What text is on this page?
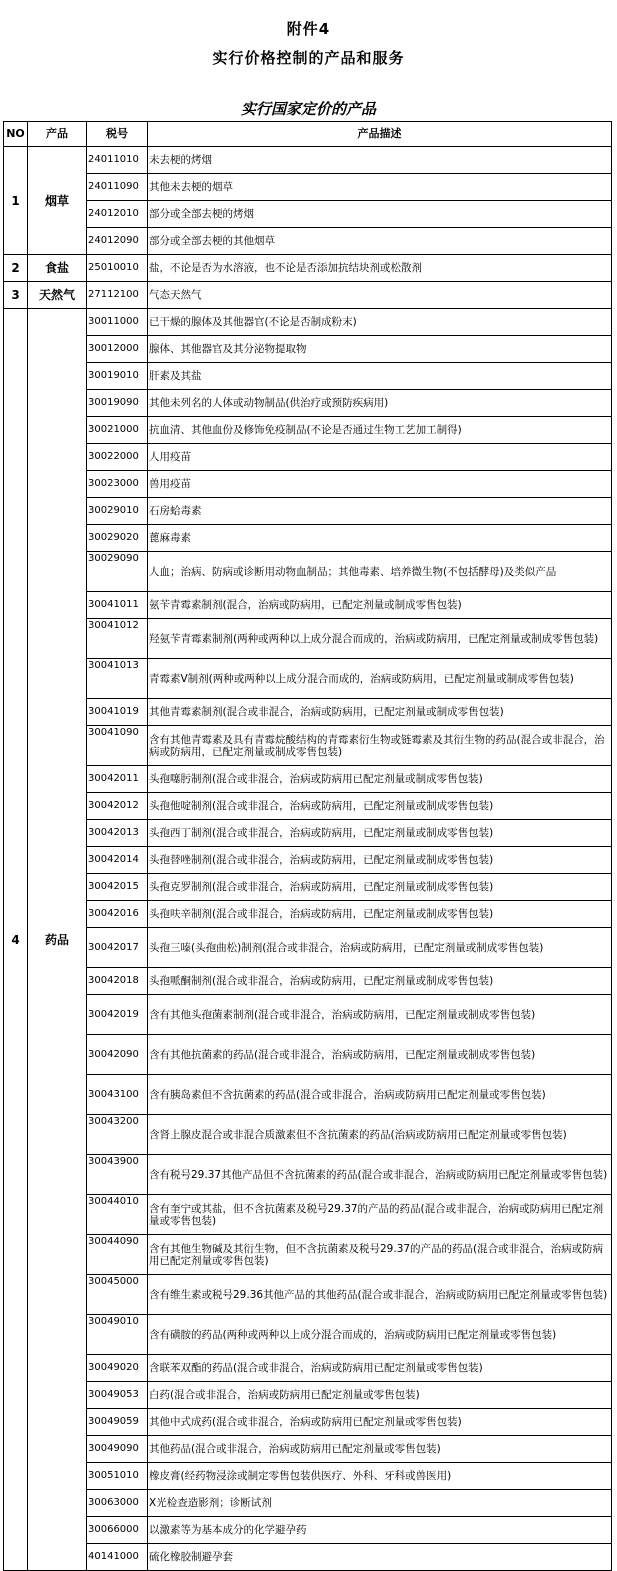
附件4
实行价格控制的产品和服务
实行国家定价的产品
NO	产品	税号	产品描述
1	烟草	24011010	未去梗的烤烟
		24011090	其他未去梗的烟草
		24012010	部分或全部去梗的烤烟
		24012090	部分或全部去梗的其他烟草
2	食盐	25010010	盐，不论是否为水溶液，也不论是否添加抗结块剂或松散剂
3	天然气	27112100	气态天然气
4	药品	30011000	已干燥的腺体及其他器官(不论是否制成粉末)
		30012000	腺体、其他器官及其分泌物提取物
		30019010	肝素及其盐
		30019090	其他未列名的人体或动物制品(供治疗或预防疾病用)
		30021000	抗血清、其他血份及修饰免疫制品(不论是否通过生物工艺加工制得)
		30022000	人用疫苗
		30023000	兽用疫苗
		30029010	石房蛤毒素
		30029020	蓖麻毒素
		30029090	人血；治病、防病或诊断用动物血制品；其他毒素、培养微生物(不包括酵母)及类似产品
		30041011	氨苄青霉素制剂(混合，治病或防病用，已配定剂量或制成零售包装)
		30041012	羟氨苄青霉素制剂(两种或两种以上成分混合而成的，治病或防病用，已配定剂量或制成零售包装)
		30041013	青霉素V制剂(两种或两种以上成分混合而成的，治病或防病用，已配定剂量或制成零售包装)
		30041019	其他青霉素制剂(混合或非混合，治病或防病用，已配定剂量或制成零售包装)
		30041090	含有其他青霉素及具有青霉烷酸结构的青霉素衍生物或链霉素及其衍生物的药品(混合或非混合，治病或防病用，已配定剂量或制成零售包装)
		30042011	头孢噻肟制剂(混合或非混合，治病或防病用已配定剂量或制成零售包装)
		30042012	头孢他啶制剂(混合或非混合，治病或防病用，已配定剂量或制成零售包装)
		30042013	头孢西丁制剂(混合或非混合，治病或防病用，已配定剂量或制成零售包装)
		30042014	头孢替唑制剂(混合或非混合，治病或防病用，已配定剂量或制成零售包装)
		30042015	头孢克罗制剂(混合或非混合，治病或防病用，已配定剂量或制成零售包装)
		30042016	头孢呋辛制剂(混合或非混合，治病或防病用，已配定剂量或制成零售包装)
		30042017	头孢三嗪(头孢曲松)制剂(混合或非混合，治病或防病用，已配定剂量或制成零售包装)
		30042018	头孢哌酮制剂(混合或非混合，治病或防病用，已配定剂量或制成零售包装)
		30042019	含有其他头孢菌素制剂(混合或非混合，治病或防病用，已配定剂量或制成零售包装)
		30042090	含有其他抗菌素的药品(混合或非混合，治病或防病用，已配定剂量或制成零售包装)
		30043100	含有胰岛素但不含抗菌素的药品(混合或非混合，治病或防病用已配定剂量或零售包装)
		30043200	含肾上腺皮混合或非混合质激素但不含抗菌素的药品(治病或防病用已配定剂量或零售包装)
		30043900	含有税号29.37其他产品但不含抗菌素的药品(混合或非混合，治病或防病用已配定剂量或零售包装)
		30044010	含有奎宁或其盐，但不含抗菌素及税号29.37的产品的药品(混合或非混合，治病或防病用已配定剂量或零售包装)
		30044090	含有其他生物碱及其衍生物，但不含抗菌素及税号29.37的产品的药品(混合或非混合，治病或防病用已配定剂量或零售包装)
		30045000	含有维生素或税号29.36其他产品的其他药品(混合或非混合，治病或防病用已配定剂量或零售包装)
		30049010	含有磺胺的药品(两种或两种以上成分混合而成的，治病或防病用已配定剂量或零售包装)
		30049020	含联苯双酯的药品(混合或非混合，治病或防病用已配定剂量或零售包装)
		30049053	白药(混合或非混合，治病或防病用已配定剂量或零售包装)
		30049059	其他中式成药(混合或非混合，治病或防病用已配定剂量或零售包装)
		30049090	其他药品(混合或非混合，治病或防病用已配定剂量或零售包装)
		30051010	橡皮膏(经药物浸涂或制定零售包装供医疗、外科、牙科或兽医用)
		30063000	X光检查造影剂；诊断试剂
		30066000	以激素等为基本成分的化学避孕药
		40141000	硫化橡胶制避孕套
